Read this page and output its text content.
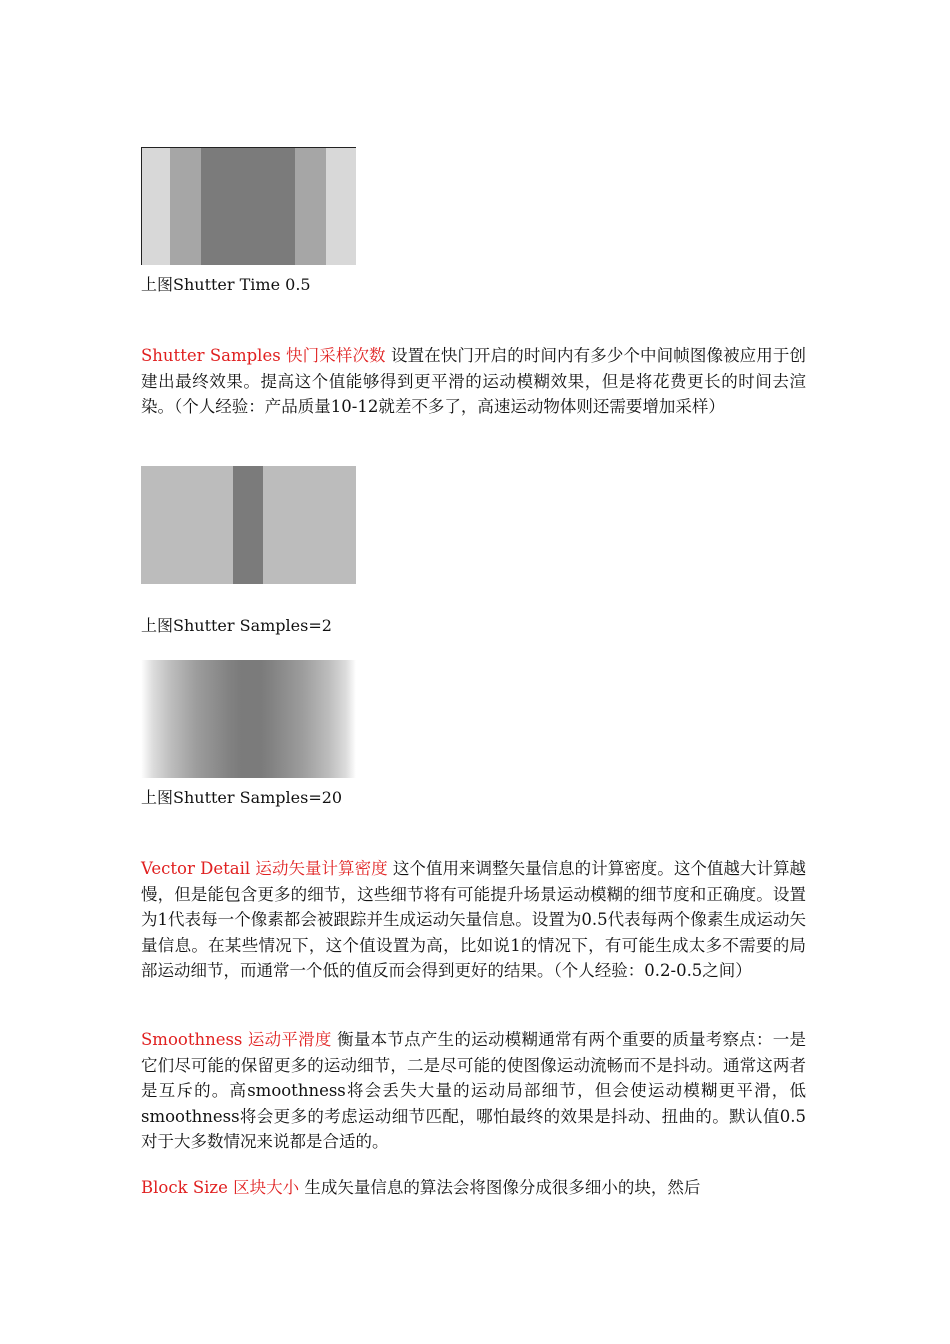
上图Shutter Time 0.5
Shutter Samples 快门采样次数 设置在快门开启的时间内有多少个中间帧图像被应用于创建出最终效果。提高这个值能够得到更平滑的运动模糊效果，但是将花费更长的时间去渲染。（个人经验：产品质量10-12就差不多了，高速运动物体则还需要增加采样）
上图Shutter Samples=2
上图Shutter Samples=20
Vector Detail 运动矢量计算密度 这个值用来调整矢量信息的计算密度。这个值越大计算越慢，但是能包含更多的细节，这些细节将有可能提升场景运动模糊的细节度和正确度。设置为1代表每一个像素都会被跟踪并生成运动矢量信息。设置为0.5代表每两个像素生成运动矢量信息。在某些情况下，这个值设置为高，比如说1的情况下，有可能生成太多不需要的局部运动细节，而通常一个低的值反而会得到更好的结果。（个人经验：0.2-0.5之间）
Smoothness 运动平滑度 衡量本节点产生的运动模糊通常有两个重要的质量考察点：一是它们尽可能的保留更多的运动细节，二是尽可能的使图像运动流畅而不是抖动。通常这两者是互斥的。高smoothness将会丢失大量的运动局部细节，但会使运动模糊更平滑，低smoothness将会更多的考虑运动细节匹配，哪怕最终的效果是抖动、扭曲的。默认值0.5对于大多数情况来说都是合适的。
Block Size 区块大小 生成矢量信息的算法会将图像分成很多细小的块，然后
